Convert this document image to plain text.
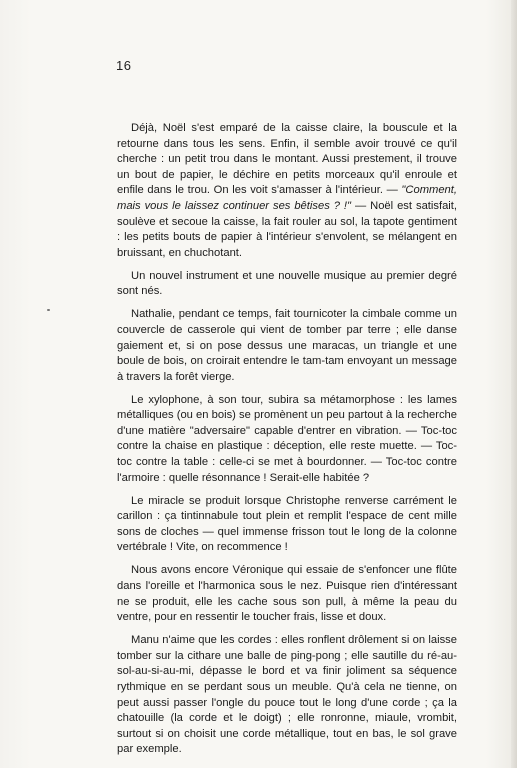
16

Déjà, Noël s'est emparé de la caisse claire, la bouscule et la retourne dans tous les sens. Enfin, il semble avoir trouvé ce qu'il cherche : un petit trou dans le montant. Aussi prestement, il trouve un bout de papier, le déchire en petits morceaux qu'il enroule et enfile dans le trou. On les voit s'amasser à l'intérieur. — "Comment, mais vous le laissez continuer ses bêtises ? !" — Noël est satisfait, soulève et secoue la caisse, la fait rouler au sol, la tapote gentiment : les petits bouts de papier à l'intérieur s'envolent, se mélangent en bruissant, en chuchotant.

Un nouvel instrument et une nouvelle musique au premier degré sont nés.

Nathalie, pendant ce temps, fait tournicoter la cimbale comme un couvercle de casserole qui vient de tomber par terre ; elle danse gaiement et, si on pose dessus une maracas, un triangle et une boule de bois, on croirait entendre le tam-tam envoyant un message à travers la forêt vierge.

Le xylophone, à son tour, subira sa métamorphose : les lames métalliques (ou en bois) se promènent un peu partout à la recherche d'une matière "adversaire" capable d'entrer en vibration. — Toc-toc contre la chaise en plastique : déception, elle reste muette. — Toc-toc contre la table : celle-ci se met à bourdonner. — Toc-toc contre l'armoire : quelle résonnance ! Serait-elle habitée ?

Le miracle se produit lorsque Christophe renverse carrément le carillon : ça tintinnabule tout plein et remplit l'espace de cent mille sons de cloches — quel immense frisson tout le long de la colonne vertébrale ! Vite, on recommence !

Nous avons encore Véronique qui essaie de s'enfoncer une flûte dans l'oreille et l'harmonica sous le nez. Puisque rien d'intéressant ne se produit, elle les cache sous son pull, à même la peau du ventre, pour en ressentir le toucher frais, lisse et doux.

Manu n'aime que les cordes : elles ronflent drôlement si on laisse tomber sur la cithare une balle de ping-pong ; elle sautille du ré-au-sol-au-si-au-mi, dépasse le bord et va finir joliment sa séquence rythmique en se perdant sous un meuble. Qu'à cela ne tienne, on peut aussi passer l'ongle du pouce tout le long d'une corde ; ça la chatouille (la corde et le doigt) ; elle ronronne, miaule, vrombit, surtout si on choisit une corde métallique, tout en bas, le sol grave par exemple.
